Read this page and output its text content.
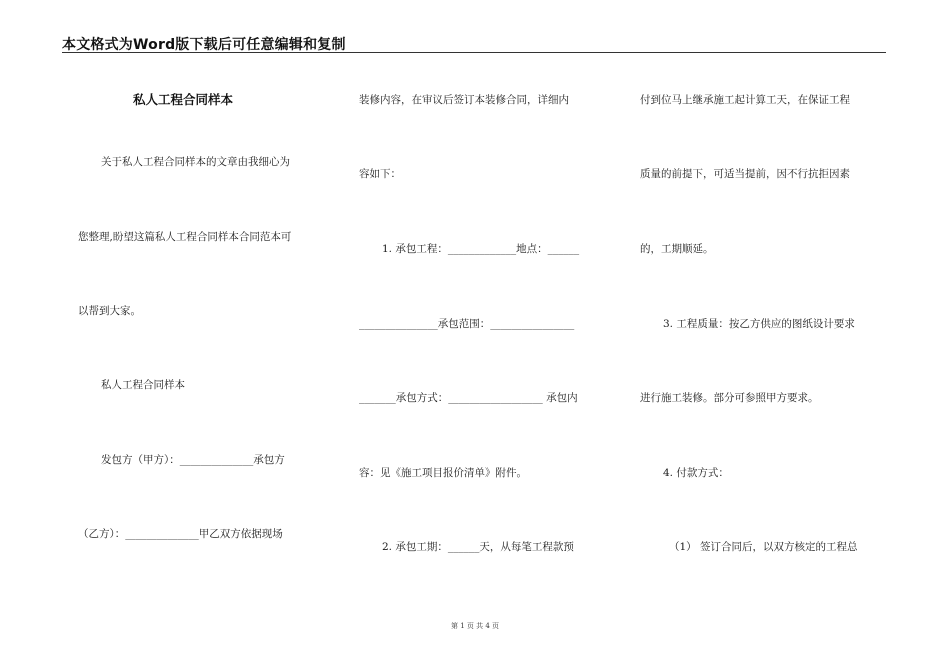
本文格式为Word版下载后可任意编辑和复制
私人工程合同样本
关于私人工程合同样本的文章由我细心为
您整理,盼望这篇私人工程合同样本合同范本可
以帮到大家。
私人工程合同样本
发包方（甲方）：______________承包方
（乙方）：______________甲乙双方依据现场
装修内容，在审议后签订本装修合同，详细内
容如下：
1. 承包工程：_____________地点：______
_______________承包范围：________________
_______承包方式：__________________ 承包内
容：见《施工项目报价清单》附件。
2. 承包工期：______天，从每笔工程款预
付到位马上继承施工起计算工天，在保证工程
质量的前提下，可适当提前，因不行抗拒因素
的，工期顺延。
3. 工程质量：按乙方供应的图纸设计要求
进行施工装修。部分可参照甲方要求。
4. 付款方式：
（1） 签订合同后，以双方核定的工程总
第 1 页 共 4 页
